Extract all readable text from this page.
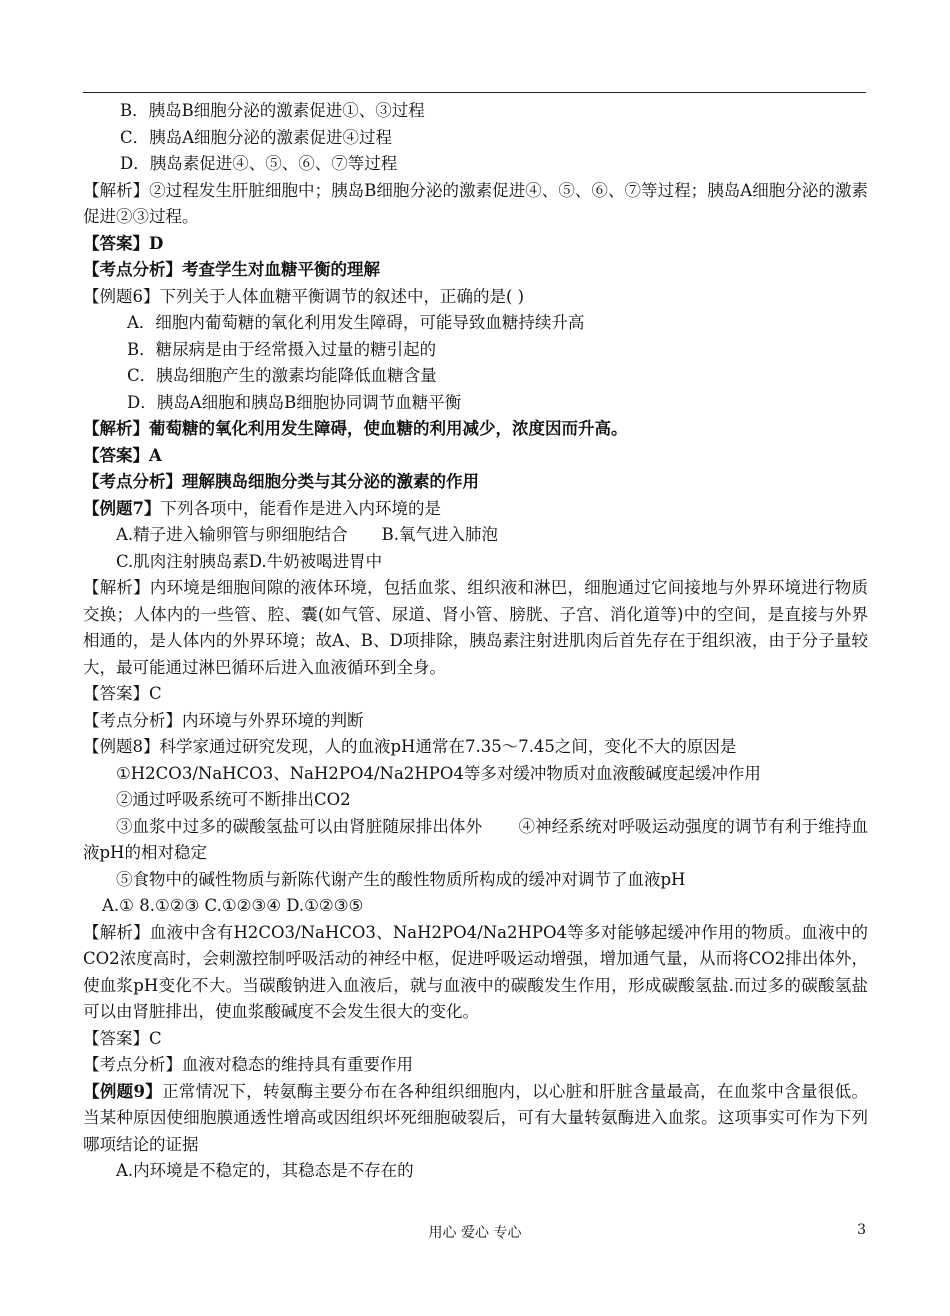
B．胰岛B细胞分泌的激素促进①、③过程
C．胰岛A细胞分泌的激素促进④过程
D．胰岛素促进④、⑤、⑥、⑦等过程
【解析】②过程发生肝脏细胞中；胰岛B细胞分泌的激素促进④、⑤、⑥、⑦等过程；胰岛A细胞分泌的激素促进②③过程。
【答案】D
【考点分析】考查学生对血糖平衡的理解
【例题6】下列关于人体血糖平衡调节的叙述中，正确的是( )
A．细胞内葡萄糖的氧化利用发生障碍，可能导致血糖持续升高
B．糖尿病是由于经常摄入过量的糖引起的
C．胰岛细胞产生的激素均能降低血糖含量
D．胰岛A细胞和胰岛B细胞协同调节血糖平衡
【解析】葡萄糖的氧化利用发生障碍，使血糖的利用减少，浓度因而升高。
【答案】A
【考点分析】理解胰岛细胞分类与其分泌的激素的作用
【例题7】下列各项中，能看作是进入内环境的是
A.精子进入输卵管与卵细胞结合 B.氧气进入肺泡
C.肌肉注射胰岛素D.牛奶被喝进胃中
【解析】内环境是细胞间隙的液体环境，包括血浆、组织液和淋巴，细胞通过它间接地与外界环境进行物质交换；人体内的一些管、腔、囊(如气管、尿道、肾小管、膀胱、子宫、消化道等)中的空间，是直接与外界相通的，是人体内的外界环境；故A、B、D项排除，胰岛素注射进肌肉后首先存在于组织液，由于分子量较大，最可能通过淋巴循环后进入血液循环到全身。
【答案】C
【考点分析】内环境与外界环境的判断
【例题8】科学家通过研究发现，人的血液pH通常在7.35～7.45之间，变化不大的原因是
①H2CO3/NaHCO3、NaH2PO4/Na2HPO4等多对缓冲物质对血液酸碱度起缓冲作用
②通过呼吸系统可不断排出CO2
③血浆中过多的碳酸氢盐可以由肾脏随尿排出体外 ④神经系统对呼吸运动强度的调节有利于维持血液pH的相对稳定
⑤食物中的碱性物质与新陈代谢产生的酸性物质所构成的缓冲对调节了血液pH
A.① 8.①②③ C.①②③④ D.①②③⑤
【解析】血液中含有H2CO3/NaHCO3、NaH2PO4/Na2HPO4等多对能够起缓冲作用的物质。血液中的CO2浓度高时，会刺激控制呼吸活动的神经中枢，促进呼吸运动增强，增加通气量，从而将CO2排出体外，使血浆pH变化不大。当碳酸钠进入血液后，就与血液中的碳酸发生作用，形成碳酸氢盐.而过多的碳酸氢盐可以由肾脏排出，使血浆酸碱度不会发生很大的变化。
【答案】C
【考点分析】血液对稳态的维持具有重要作用
【例题9】正常情况下，转氨酶主要分布在各种组织细胞内，以心脏和肝脏含量最高，在血浆中含量很低。当某种原因使细胞膜通透性增高或因组织坏死细胞破裂后，可有大量转氨酶进入血浆。这项事实可作为下列哪项结论的证据
A.内环境是不稳定的，其稳态是不存在的
用心 爱心 专心	3
